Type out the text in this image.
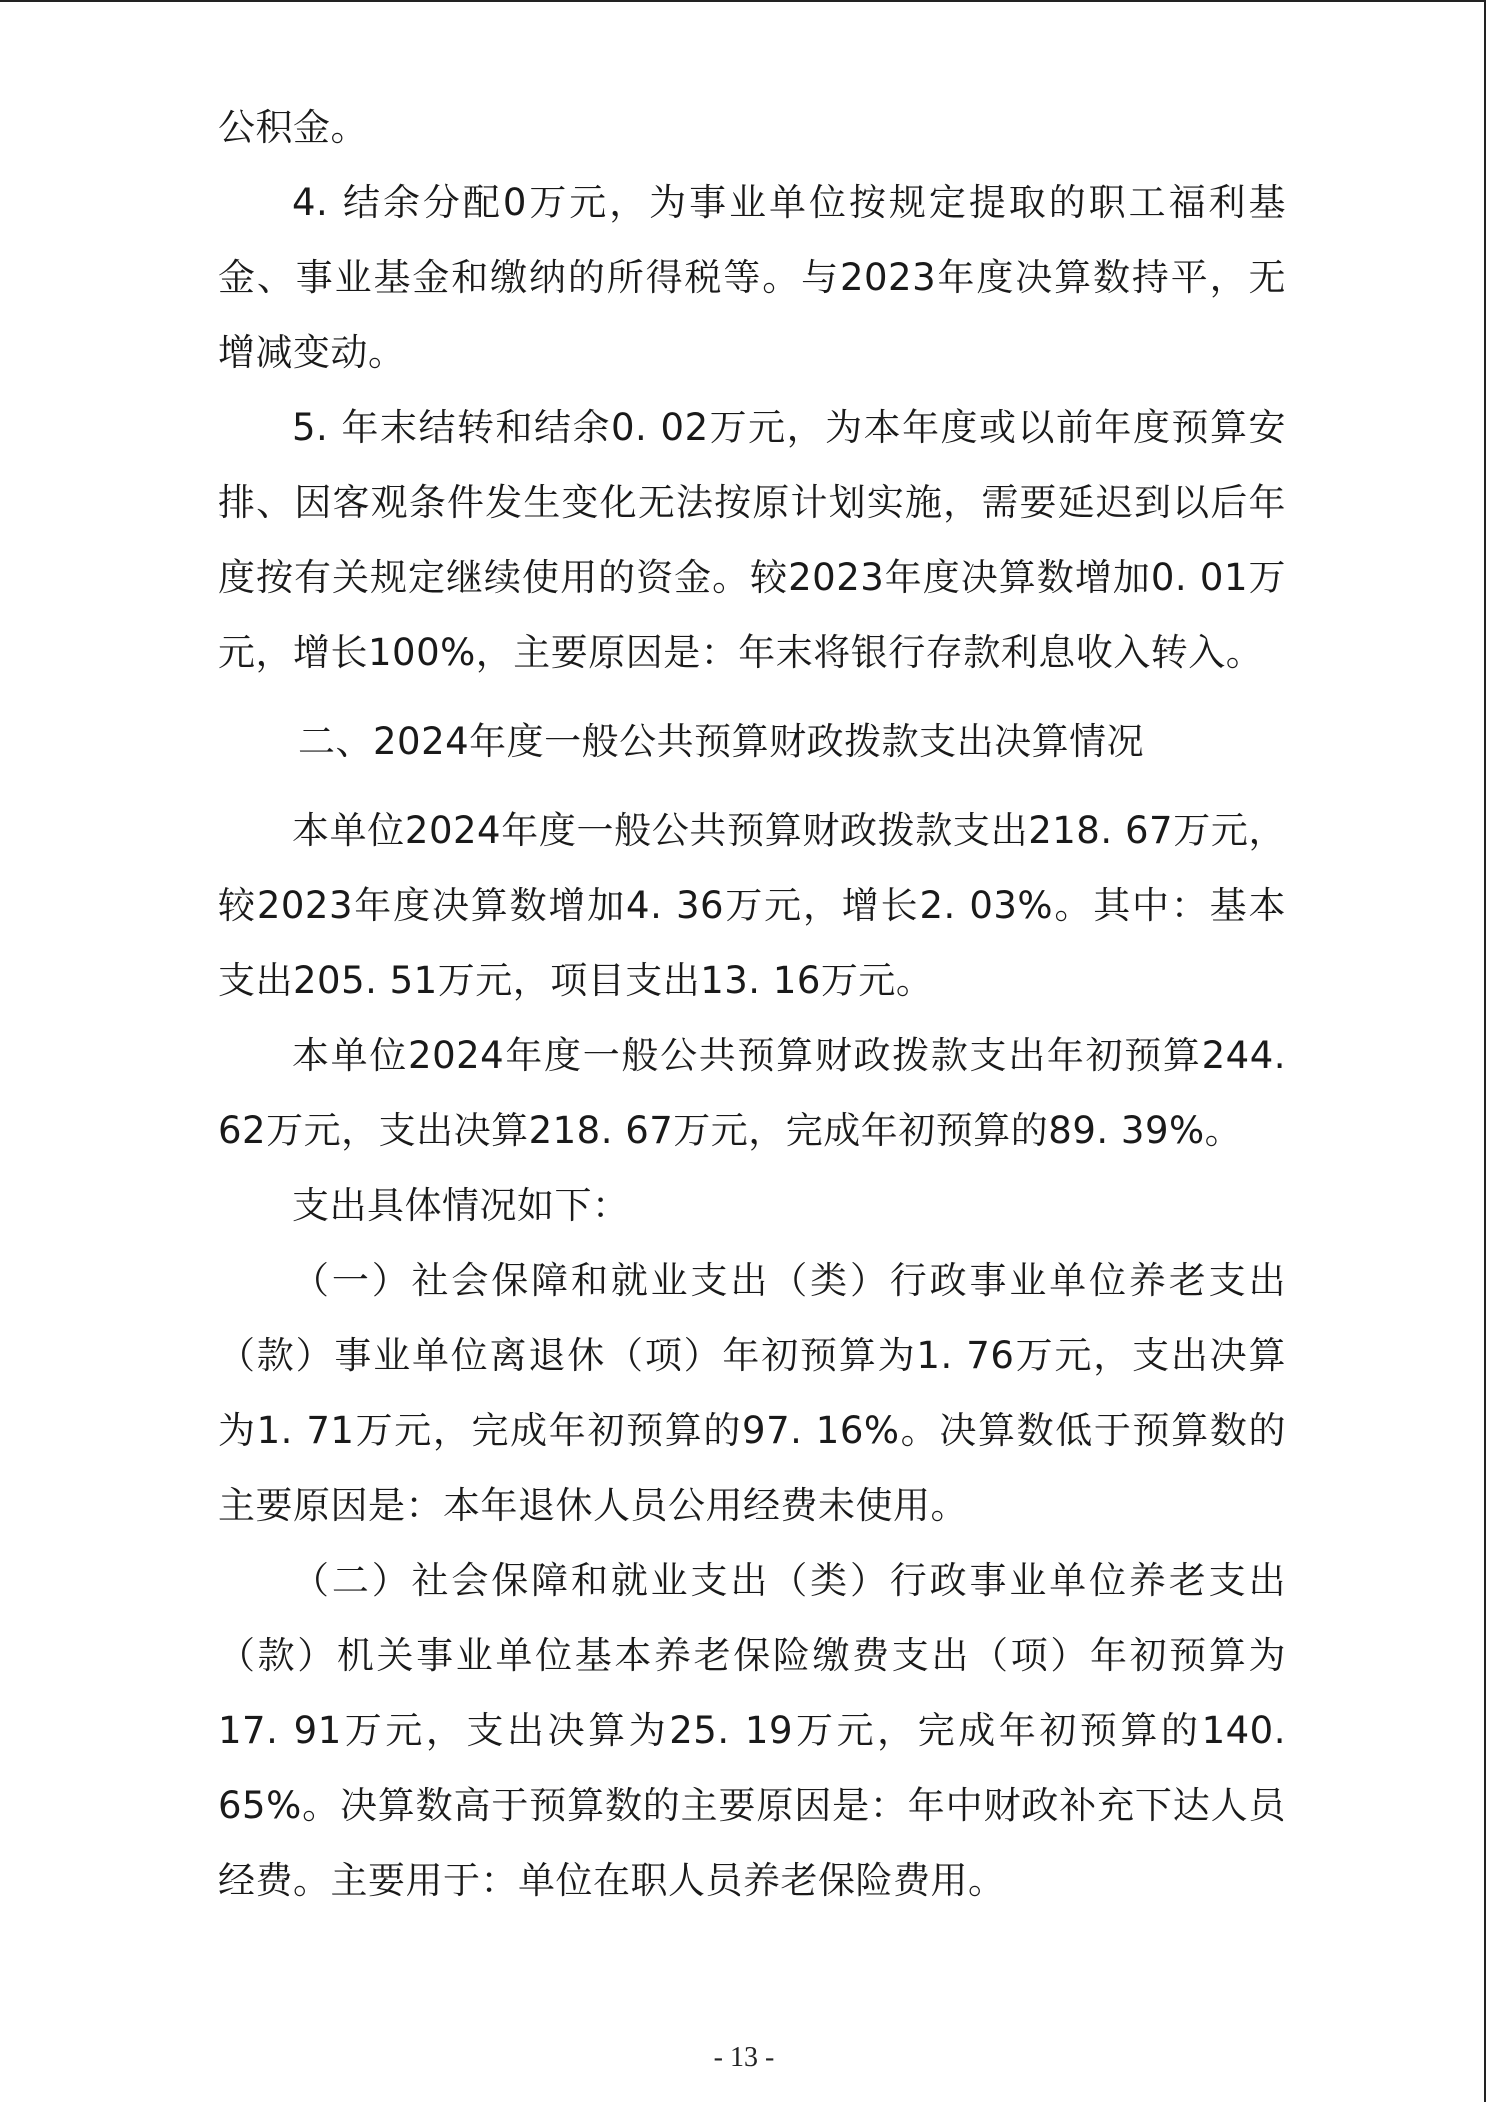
公积金。

4. 结余分配0万元，为事业单位按规定提取的职工福利基金、事业基金和缴纳的所得税等。与2023年度决算数持平，无增减变动。

5. 年末结转和结余0. 02万元，为本年度或以前年度预算安排、因客观条件发生变化无法按原计划实施，需要延迟到以后年度按有关规定继续使用的资金。较2023年度决算数增加0. 01万元，增长100%，主要原因是：年末将银行存款利息收入转入。

二、2024年度一般公共预算财政拨款支出决算情况

本单位2024年度一般公共预算财政拨款支出218. 67万元，较2023年度决算数增加4. 36万元，增长2. 03%。其中：基本支出205. 51万元，项目支出13. 16万元。

本单位2024年度一般公共预算财政拨款支出年初预算244. 62万元，支出决算218. 67万元，完成年初预算的89. 39%。

支出具体情况如下：

（一）社会保障和就业支出（类）行政事业单位养老支出（款）事业单位离退休（项）年初预算为1. 76万元，支出决算为1. 71万元，完成年初预算的97. 16%。决算数低于预算数的主要原因是：本年退休人员公用经费未使用。

（二）社会保障和就业支出（类）行政事业单位养老支出（款）机关事业单位基本养老保险缴费支出（项）年初预算为17. 91万元，支出决算为25. 19万元，完成年初预算的140. 65%。决算数高于预算数的主要原因是：年中财政补充下达人员经费。主要用于：单位在职人员养老保险费用。

- 13 -
